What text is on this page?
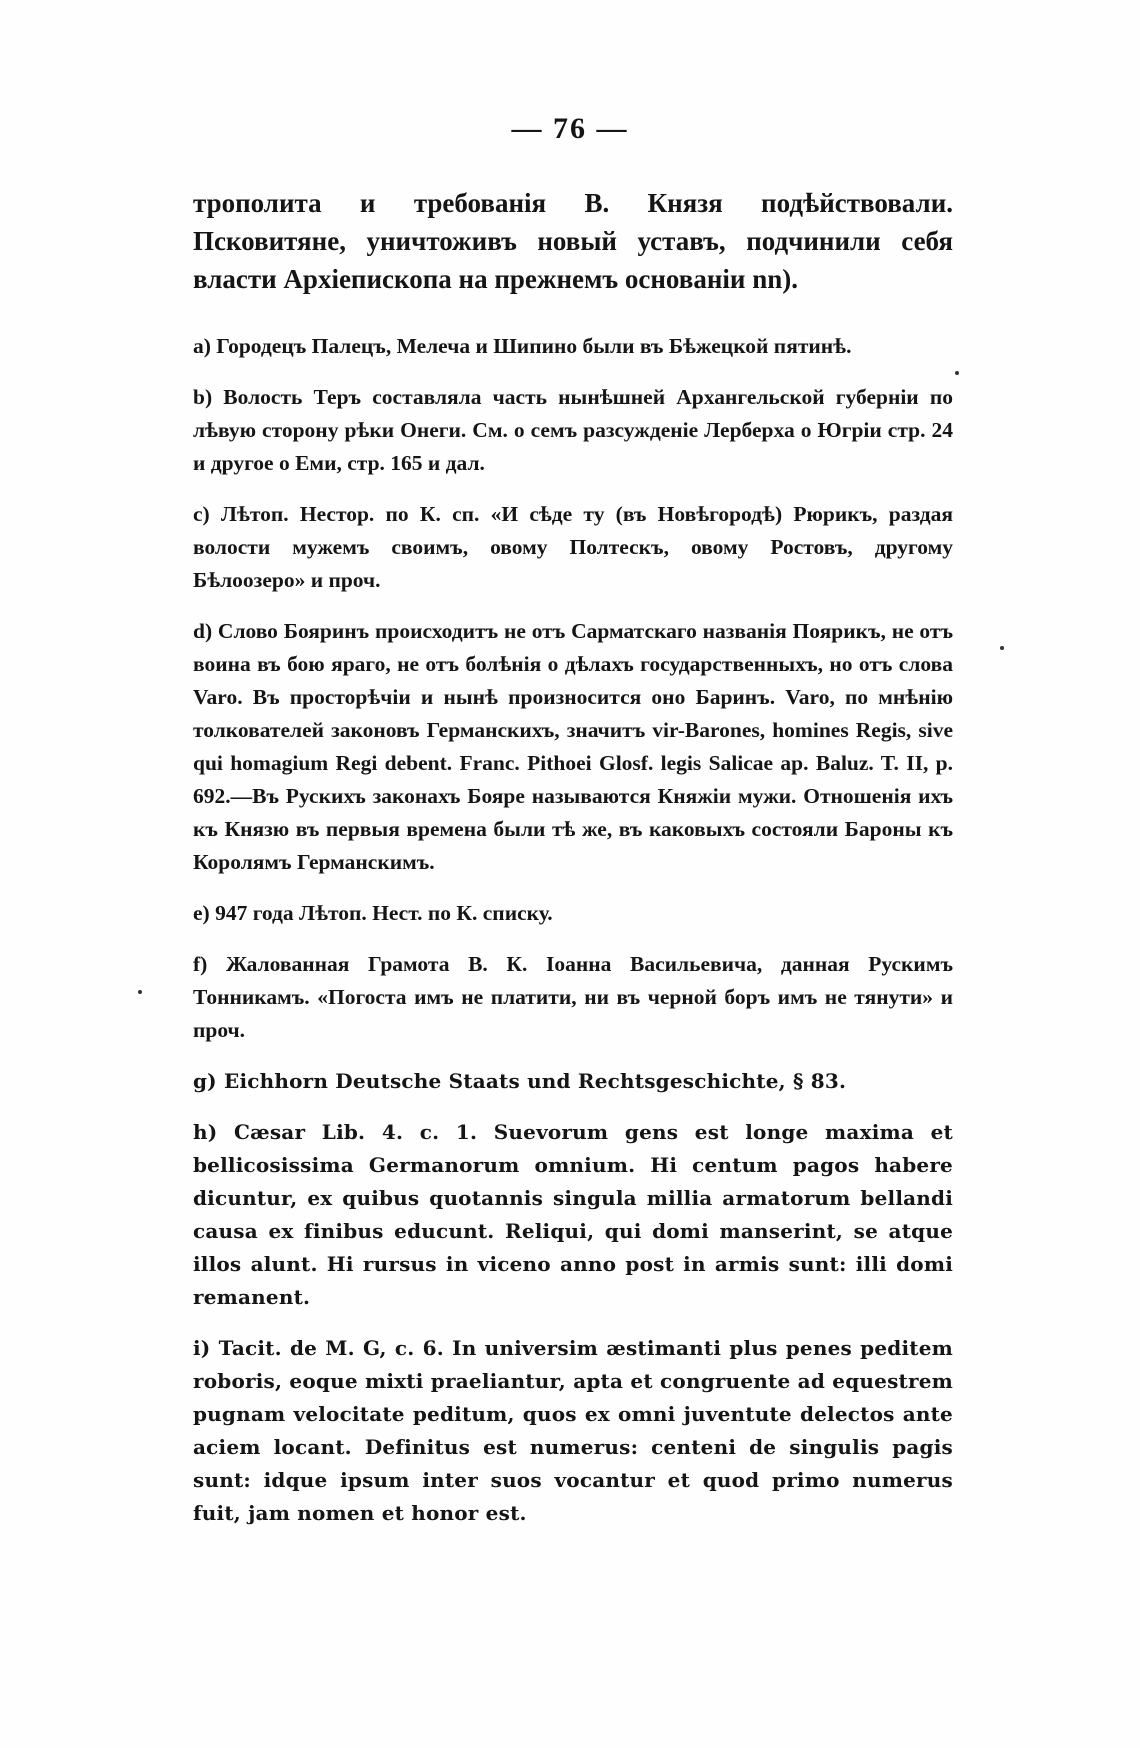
— 76 —

трополита и требованія В. Князя подѣйствовали. Псковитяне, уничтоживъ новый уставъ, подчинили себя власти Архіепископа на прежнемъ основаніи nn).

a) Городецъ Палецъ, Мелеча и Шипино были въ Бѣжецкой пятинѣ.

b) Волость Теръ составляла часть нынѣшней Архангельской губерніи по лѣвую сторону рѣки Онеги. См. о семъ разсужденіе Лерберха о Югріи стр. 24 и другое о Еми, стр. 165 и дал.

c) Лѣтоп. Нестор. по К. сп. «И сѣде ту (въ Новѣгородѣ) Рюрикъ, раздая волости мужемъ своимъ, овому Полтескъ, овому Ростовъ, другому Бѣлоозеро» и проч.

d) Слово Бояринъ происходитъ не отъ Сарматскаго названія Поярикъ, не отъ воина въ бою яраго, не отъ болѣнія о дѣлахъ государственныхъ, но отъ слова Varo. Въ просторѣчіи и нынѣ произносится оно Баринъ. Varo, по мнѣнію толкователей законовъ Германскихъ, значитъ vir-Barones, homines Regis, sive qui homagium Regi debent. Franc. Pithoei Glosf. legis Salicae ap. Baluz. T. II, p. 692.—Въ Рускихъ законахъ Бояре называются Княжіи мужи. Отношенія ихъ къ Князю въ первыя времена были тѣ же, въ каковыхъ состояли Бароны къ Королямъ Германскимъ.

e) 947 года Лѣтоп. Нест. по К. списку.

f) Жалованная Грамота В. К. Іоанна Васильевича, данная Рускимъ Тонникамъ. «Погоста имъ не платити, ни въ черной боръ имъ не тянути» и проч.

g) Eichhorn Deutsche Staats und Rechtsgeschichte, § 83.

h) Cæsar Lib. 4. c. 1. Suevorum gens est longe maxima et bellicosissima Germanorum omnium. Hi centum pagos habere dicuntur, ex quibus quotannis singula millia armatorum bellandi causa ex finibus educunt. Reliqui, qui domi manserint, se atque illos alunt. Hi rursus in viceno anno post in armis sunt: illi domi remanent.

i) Tacit. de M. G, c. 6. In universim æstimanti plus penes peditem roboris, eoque mixti praeliantur, apta et congruente ad equestrem pugnam velocitate peditum, quos ex omni juventute delectos ante aciem locant. Definitus est numerus: centeni de singulis pagis sunt: idque ipsum inter suos vocantur et quod primo numerus fuit, jam nomen et honor est.
